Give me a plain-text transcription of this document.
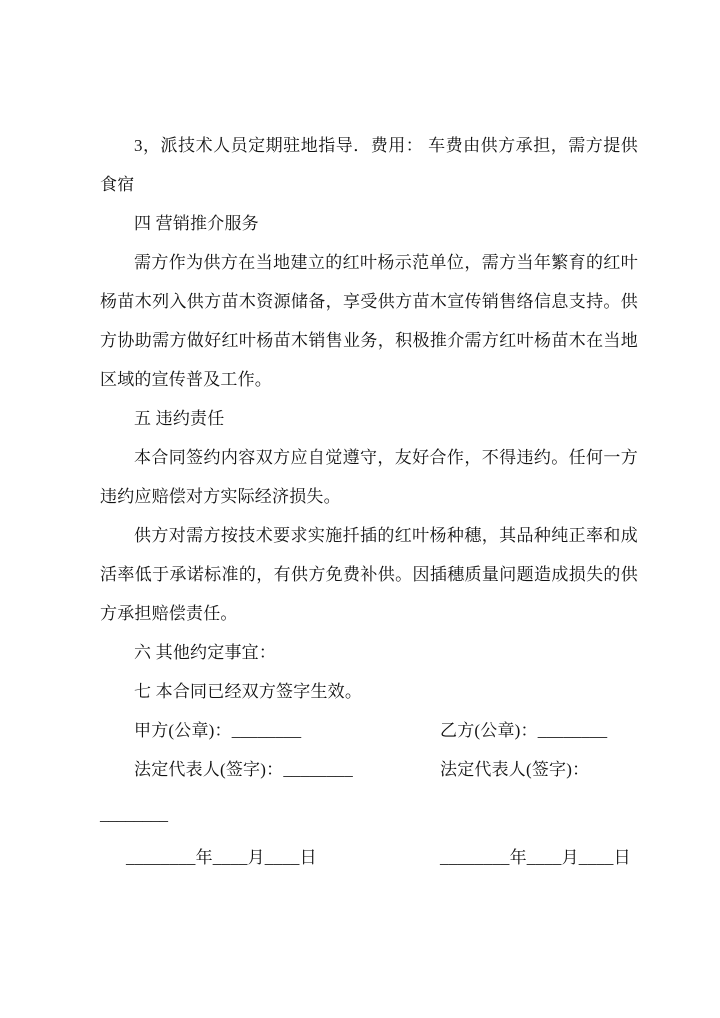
3，派技术人员定期驻地指导．费用： 车费由供方承担，需方提供食宿

四 营销推介服务

需方作为供方在当地建立的红叶杨示范单位，需方当年繁育的红叶杨苗木列入供方苗木资源储备，享受供方苗木宣传销售络信息支持。供方协助需方做好红叶杨苗木销售业务，积极推介需方红叶杨苗木在当地区域的宣传普及工作。

五 违约责任

本合同签约内容双方应自觉遵守，友好合作，不得违约。任何一方违约应赔偿对方实际经济损失。

供方对需方按技术要求实施扦插的红叶杨种穗，其品种纯正率和成活率低于承诺标准的，有供方免费补供。因插穗质量问题造成损失的供方承担赔偿责任。

六 其他约定事宜：

七 本合同已经双方签字生效。

甲方(公章)：________	乙方(公章)：________
法定代表人(签字)：________	法定代表人(签字)：

________

________年____月____日	________年____月____日
